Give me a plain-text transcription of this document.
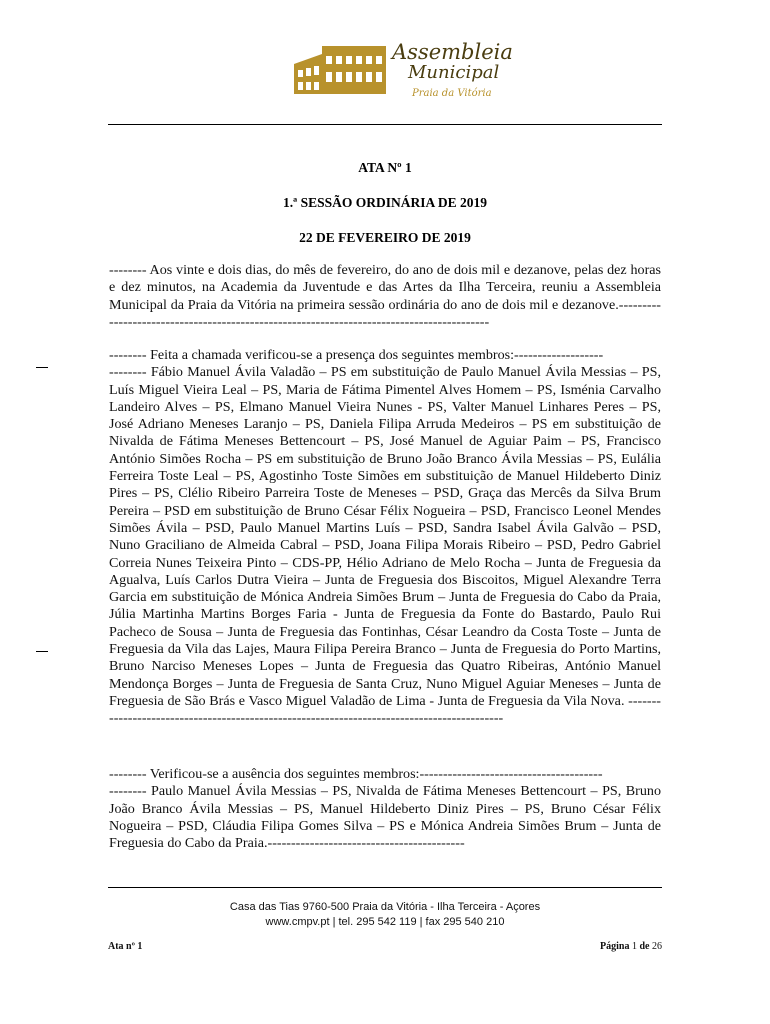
Assembleia
Municipal
Praia da Vitória
ATA Nº 1
1.ª SESSÃO ORDINÁRIA DE 2019
22 DE FEVEREIRO DE 2019

-------- Aos vinte e dois dias, do mês de fevereiro, do ano de dois mil e dezanove, pelas dez horas e dez minutos, na Academia da Juventude e das Artes da Ilha Terceira, reuniu a Assembleia Municipal da Praia da Vitória na primeira sessão ordinária do ano de dois mil e dezanove.------------------------------------------------------------------------------------------

-------- Feita a chamada verificou-se a presença dos seguintes membros:-------------------

-------- Fábio Manuel Ávila Valadão – PS em substituição de Paulo Manuel Ávila Messias – PS, Luís Miguel Vieira Leal – PS, Maria de Fátima Pimentel Alves Homem – PS, Isménia Carvalho Landeiro Alves – PS, Elmano Manuel Vieira Nunes - PS, Valter Manuel Linhares Peres – PS, José Adriano Meneses Laranjo – PS, Daniela Filipa Arruda Medeiros – PS em substituição de Nivalda de Fátima Meneses Bettencourt – PS, José Manuel de Aguiar Paim – PS, Francisco António Simões Rocha – PS em substituição de Bruno João Branco Ávila Messias – PS, Eulália Ferreira Toste Leal – PS, Agostinho Toste Simões em substituição de Manuel Hildeberto Diniz Pires – PS, Clélio Ribeiro Parreira Toste de Meneses – PSD, Graça das Mercês da Silva Brum Pereira – PSD em substituição de Bruno César Félix Nogueira – PSD, Francisco Leonel Mendes Simões Ávila – PSD, Paulo Manuel Martins Luís – PSD, Sandra Isabel Ávila Galvão – PSD, Nuno Graciliano de Almeida Cabral – PSD, Joana Filipa Morais Ribeiro – PSD, Pedro Gabriel Correia Nunes Teixeira Pinto – CDS-PP, Hélio Adriano de Melo Rocha – Junta de Freguesia da Agualva, Luís Carlos Dutra Vieira – Junta de Freguesia dos Biscoitos, Miguel Alexandre Terra Garcia em substituição de Mónica Andreia Simões Brum – Junta de Freguesia do Cabo da Praia, Júlia Martinha Martins Borges Faria - Junta de Freguesia da Fonte do Bastardo, Paulo Rui Pacheco de Sousa – Junta de Freguesia das Fontinhas, César Leandro da Costa Toste – Junta de Freguesia da Vila das Lajes, Maura Filipa Pereira Branco – Junta de Freguesia do Porto Martins, Bruno Narciso Meneses Lopes – Junta de Freguesia das Quatro Ribeiras, António Manuel Mendonça Borges – Junta de Freguesia de Santa Cruz, Nuno Miguel Aguiar Meneses – Junta de Freguesia de São Brás e Vasco Miguel Valadão de Lima - Junta de Freguesia da Vila Nova. -------------------------------------------------------------------------------------------

-------- Verificou-se a ausência dos seguintes membros:---------------------------------------

-------- Paulo Manuel Ávila Messias – PS, Nivalda de Fátima Meneses Bettencourt – PS, Bruno João Branco Ávila Messias – PS, Manuel Hildeberto Diniz Pires – PS, Bruno César Félix Nogueira – PSD, Cláudia Filipa Gomes Silva – PS e Mónica Andreia Simões Brum – Junta de Freguesia do Cabo da Praia.------------------------------------------

Casa das Tias 9760-500 Praia da Vitória - Ilha Terceira - Açores
www.cmpv.pt | tel. 295 542 119 | fax 295 540 210
Ata nº 1	Página 1 de 26
